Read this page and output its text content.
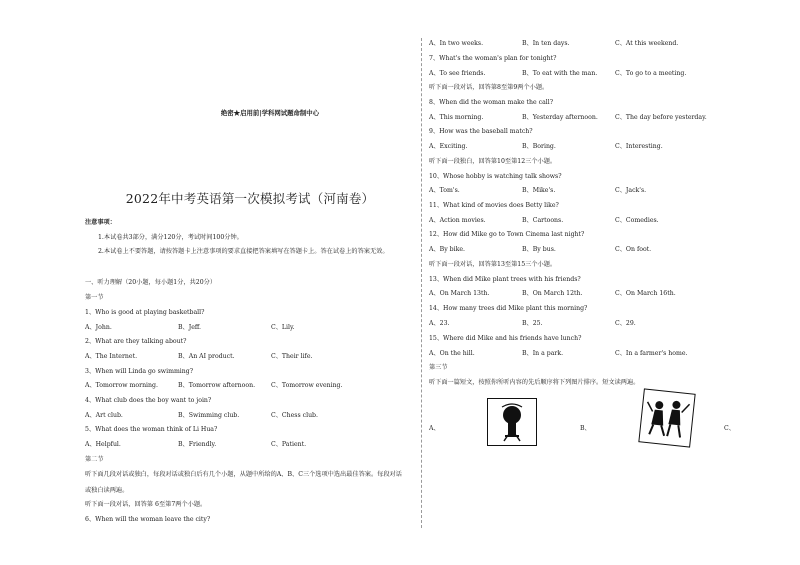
绝密★启用前|学科网试题命制中心
2022年中考英语第一次模拟考试（河南卷）
注意事项：
1.本试卷共3部分，满分120分，考试时间100分钟。
2.本试卷上不要答题，请按答题卡上注意事项的要求直接把答案填写在答题卡上。答在试卷上的答案无效。
一、听力理解（20小题，每小题1分，共20分）
第一节
1、Who is good at playing basketball?
A、John.	B、Jeff.	C、Lily.
2、What are they talking about?
A、The Internet.	B、An AI product.	C、Their life.
3、When will Linda go swimming?
A、Tomorrow morning.	B、Tomorrow afternoon.	C、Tomorrow evening.
4、What club does the boy want to join?
A、Art club.	B、Swimming club.	C、Chess club.
5、What does the woman think of Li Hua?
A、Helpful.	B、Friendly.	C、Patient.
第二节
听下面几段对话或独白，每段对话或独白后有几个小题，从题中所给的A、B、C三个选项中选出最佳答案。每段对话或独白读两遍。
听下面一段对话，回答第 6至第7两个小题。
6、When will the woman leave the city?
A、In two weeks.	B、In ten days.	C、At this weekend.
7、What's the woman's plan for tonight?
A、To see friends.	B、To eat with the man.	C、To go to a meeting.
听下面一段对话，回答第8至第9两个小题。
8、When did the woman make the call?
A、This morning.	B、Yesterday afternoon.	C、The day before yesterday.
9、How was the baseball match?
A、Exciting.	B、Boring.	C、Interesting.
听下面一段独白，回答第10至第12三个小题。
10、Whose hobby is watching talk shows?
A、Tom's.	B、Mike's.	C、Jack's.
11、What kind of movies does Betty like?
A、Action movies.	B、Cartoons.	C、Comedies.
12、How did Mike go to Town Cinema last night?
A、By bike.	B、By bus.	C、On foot.
听下面一段对话，回答第13至第15三个小题。
13、When did Mike plant trees with his friends?
A、On March 13th.	B、On March 12th.	C、On March 16th.
14、How many trees did Mike plant this morning?
A、23.	B、25.	C、29.
15、Where did Mike and his friends have lunch?
A、On the hill.	B、In a park.	C、In a farmer's home.
第三节
听下面一篇短文，按照你所听内容的先后顺序将下列图片排序。短文读两遍。
A、	B、	C、
